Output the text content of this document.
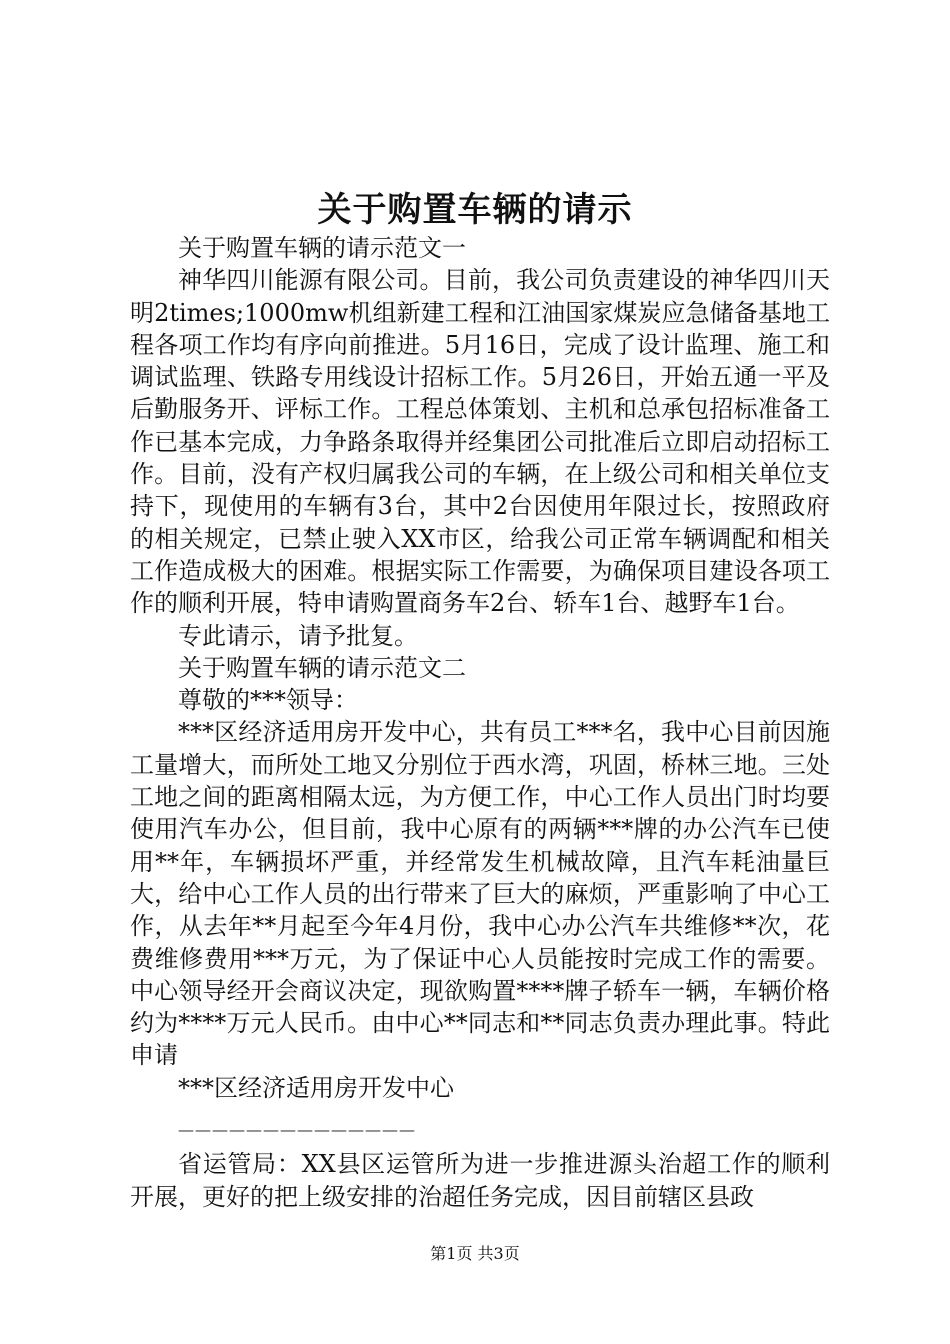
关于购置车辆的请示

关于购置车辆的请示范文一

神华四川能源有限公司。目前，我公司负责建设的神华四川天明2times;1000mw机组新建工程和江油国家煤炭应急储备基地工程各项工作均有序向前推进。5月16日，完成了设计监理、施工和调试监理、铁路专用线设计招标工作。5月26日，开始五通一平及后勤服务开、评标工作。工程总体策划、主机和总承包招标准备工作已基本完成，力争路条取得并经集团公司批准后立即启动招标工作。目前，没有产权归属我公司的车辆，在上级公司和相关单位支持下，现使用的车辆有3台，其中2台因使用年限过长，按照政府的相关规定，已禁止驶入XX市区，给我公司正常车辆调配和相关工作造成极大的困难。根据实际工作需要，为确保项目建设各项工作的顺利开展，特申请购置商务车2台、轿车1台、越野车1台。

专此请示，请予批复。

关于购置车辆的请示范文二

尊敬的***领导：

***区经济适用房开发中心，共有员工***名，我中心目前因施工量增大，而所处工地又分别位于西水湾，巩固，桥林三地。三处工地之间的距离相隔太远，为方便工作，中心工作人员出门时均要使用汽车办公，但目前，我中心原有的两辆***牌的办公汽车已使用**年，车辆损坏严重，并经常发生机械故障，且汽车耗油量巨大，给中心工作人员的出行带来了巨大的麻烦，严重影响了中心工作，从去年**月起至今年4月份，我中心办公汽车共维修**次，花费维修费用***万元，为了保证中心人员能按时完成工作的需要。中心领导经开会商议决定，现欲购置****牌子轿车一辆，车辆价格约为****万元人民币。由中心**同志和**同志负责办理此事。特此申请

***区经济适用房开发中心

——————————————

省运管局：XX县区运管所为进一步推进源头治超工作的顺利开展，更好的把上级安排的治超任务完成，因目前辖区县政

第1页 共3页
